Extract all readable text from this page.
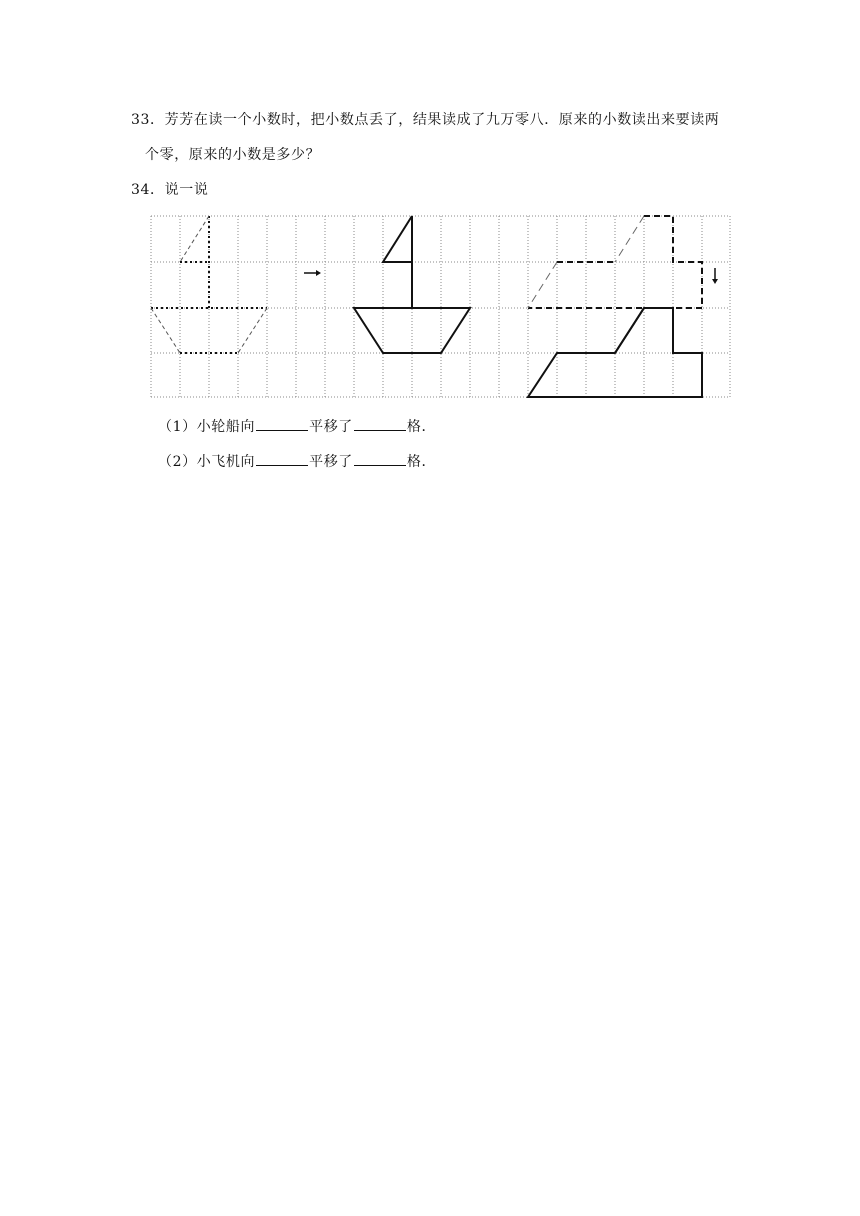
33．芳芳在读一个小数时，把小数点丢了，结果读成了九万零八．原来的小数读出来要读两
个零，原来的小数是多少？
34．说一说
（1）小轮船向	平移了	格．
（2）小飞机向	平移了	格．
